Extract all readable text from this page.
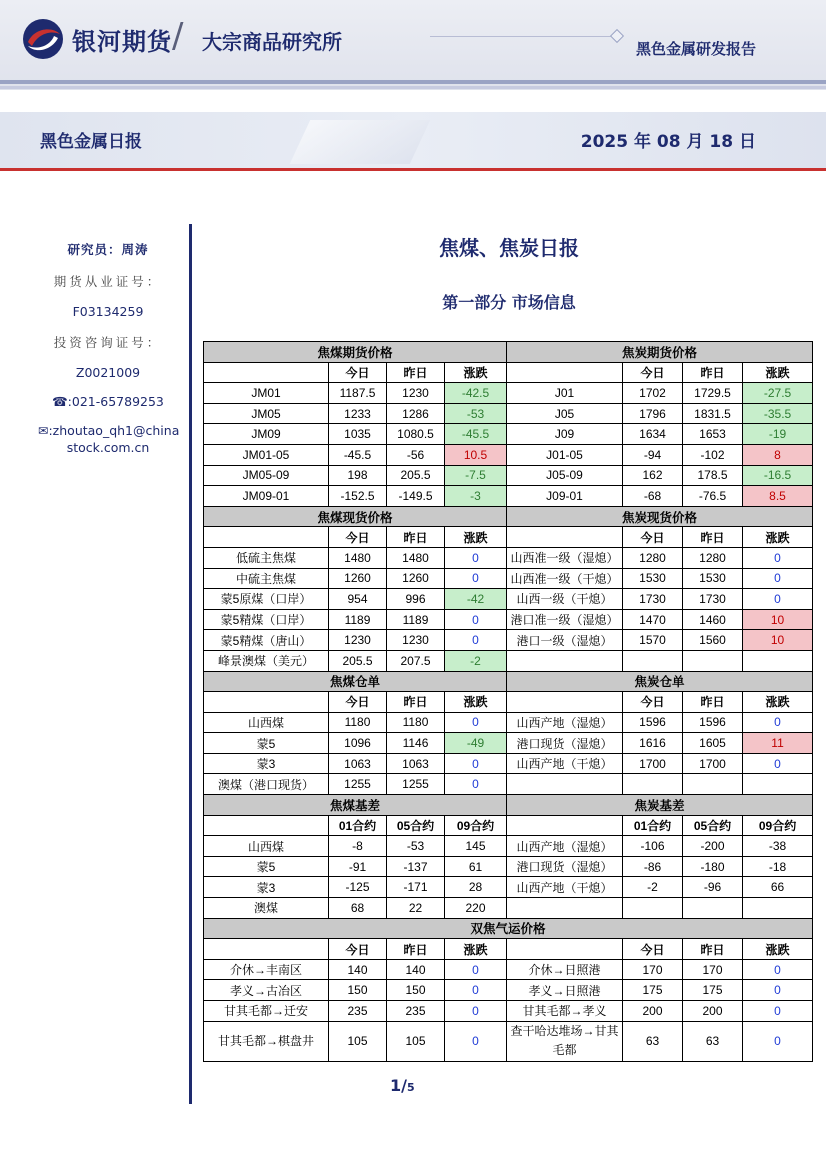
银河期货 / 大宗商品研究所	黑色金属研发报告
黑色金属日报	2025 年 08 月 18 日
研究员：周涛
期货从业证号：
F03134259
投资咨询证号：
Z0021009
☎:021-65789253
✉:zhoutao_qh1@china
stock.com.cn
焦煤、焦炭日报
第一部分 市场信息
焦煤期货价格				焦炭期货价格			
	今日	昨日	涨跌		今日	昨日	涨跌
JM01	1187.5	1230	-42.5	J01	1702	1729.5	-27.5
JM05	1233	1286	-53	J05	1796	1831.5	-35.5
JM09	1035	1080.5	-45.5	J09	1634	1653	-19
JM01-05	-45.5	-56	10.5	J01-05	-94	-102	8
JM05-09	198	205.5	-7.5	J05-09	162	178.5	-16.5
JM09-01	-152.5	-149.5	-3	J09-01	-68	-76.5	8.5
焦煤现货价格				焦炭现货价格			
	今日	昨日	涨跌		今日	昨日	涨跌
低硫主焦煤	1480	1480	0	山西准一级（湿熄）	1280	1280	0
中硫主焦煤	1260	1260	0	山西准一级（干熄）	1530	1530	0
蒙5原煤（口岸）	954	996	-42	山西一级（干熄）	1730	1730	0
蒙5精煤（口岸）	1189	1189	0	港口准一级（湿熄）	1470	1460	10
蒙5精煤（唐山）	1230	1230	0	港口一级（湿熄）	1570	1560	10
峰景澳煤（美元）	205.5	207.5	-2				
焦煤仓单				焦炭仓单			
	今日	昨日	涨跌		今日	昨日	涨跌
山西煤	1180	1180	0	山西产地（湿熄）	1596	1596	0
蒙5	1096	1146	-49	港口现货（湿熄）	1616	1605	11
蒙3	1063	1063	0	山西产地（干熄）	1700	1700	0
澳煤（港口现货）	1255	1255	0				
焦煤基差				焦炭基差			
	01合约	05合约	09合约		01合约	05合约	09合约
山西煤	-8	-53	145	山西产地（湿熄）	-106	-200	-38
蒙5	-91	-137	61	港口现货（湿熄）	-86	-180	-18
蒙3	-125	-171	28	山西产地（干熄）	-2	-96	66
澳煤	68	22	220				
双焦气运价格							
	今日	昨日	涨跌		今日	昨日	涨跌
介休→丰南区	140	140	0	介休→日照港	170	170	0
孝义→古冶区	150	150	0	孝义→日照港	175	175	0
甘其毛都→迁安	235	235	0	甘其毛都→孝义	200	200	0
甘其毛都→棋盘井	105	105	0	查干哈达堆场→甘其毛都	63	63	0
1/5
